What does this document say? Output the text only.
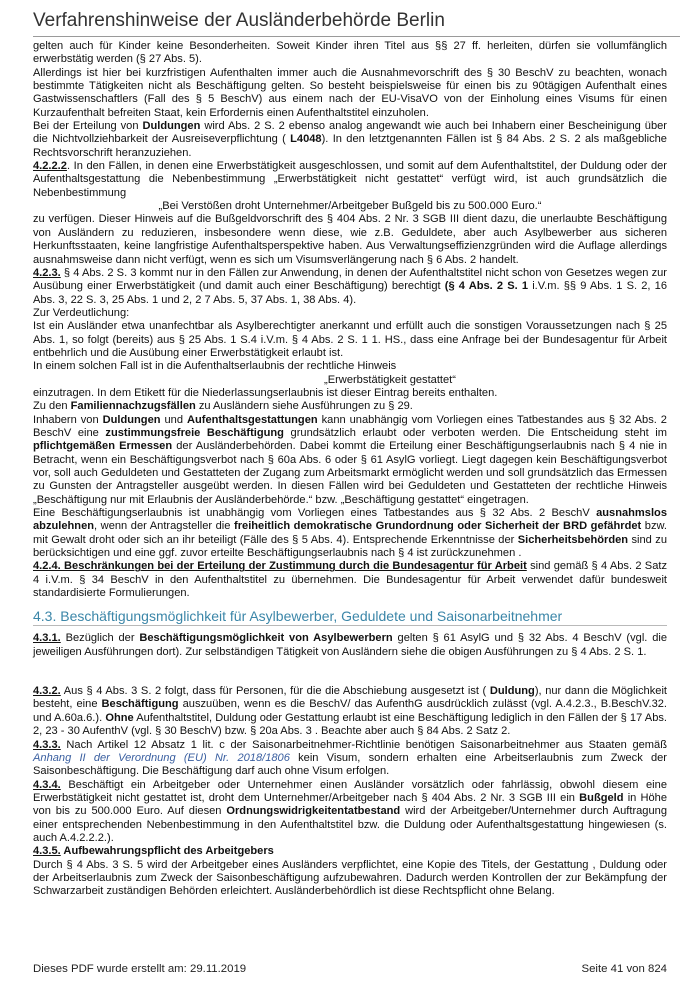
Verfahrenshinweise der Ausländerbehörde Berlin

gelten auch für Kinder keine Besonderheiten. Soweit Kinder ihren Titel aus §§ 27 ff. herleiten, dürfen sie vollumfänglich erwerbstätig werden (§ 27 Abs. 5).

Allerdings ist hier bei kurzfristigen Aufenthalten immer auch die Ausnahmevorschrift des § 30 BeschV zu beachten, wonach bestimmte Tätigkeiten nicht als Beschäftigung gelten. So besteht beispielsweise für einen bis zu 90tägigen Aufenthalt eines Gastwissenschaftlers (Fall des § 5 BeschV) aus einem nach der EU-VisaVO von der Einholung eines Visums für einen Kurzaufenthalt befreiten Staat, kein Erfordernis einen Aufenthaltstitel einzuholen.

Bei der Erteilung von Duldungen wird Abs. 2 S. 2 ebenso analog angewandt wie auch bei Inhabern einer Bescheinigung über die Nichtvollziehbarkeit der Ausreiseverpflichtung ( L4048). In den letztgenannten Fällen ist § 84 Abs. 2 S. 2 als maßgebliche Rechtsvorschrift heranzuziehen.

4.2.2.2. In den Fällen, in denen eine Erwerbstätigkeit ausgeschlossen, und somit auf dem Aufenthaltstitel, der Duldung oder der Aufenthaltsgestattung die Nebenbestimmung „Erwerbstätigkeit nicht gestattet“ verfügt wird, ist auch grundsätzlich die Nebenbestimmung

„Bei Verstößen droht Unternehmer/Arbeitgeber Bußgeld bis zu 500.000 Euro.“

zu verfügen. Dieser Hinweis auf die Bußgeldvorschrift des § 404 Abs. 2 Nr. 3 SGB III dient dazu, die unerlaubte Beschäftigung von Ausländern zu reduzieren, insbesondere wenn diese, wie z.B. Geduldete, aber auch Asylbewerber aus sicheren Herkunftsstaaten, keine langfristige Aufenthaltsperspektive haben. Aus Verwaltungseffizienzgründen wird die Auflage allerdings ausnahmsweise dann nicht verfügt, wenn es sich um Visumsverlängerung nach § 6 Abs. 2 handelt.

4.2.3. § 4 Abs. 2 S. 3 kommt nur in den Fällen zur Anwendung, in denen der Aufenthaltstitel nicht schon von Gesetzes wegen zur Ausübung einer Erwerbstätigkeit (und damit auch einer Beschäftigung) berechtigt (§ 4 Abs. 2 S. 1 i.V.m. §§ 9 Abs. 1 S. 2, 16 Abs. 3, 22 S. 3, 25 Abs. 1 und 2, 2 7 Abs. 5, 37 Abs. 1, 38 Abs. 4).

Zur Verdeutlichung:

Ist ein Ausländer etwa unanfechtbar als Asylberechtigter anerkannt und erfüllt auch die sonstigen Voraussetzungen nach § 25 Abs. 1, so folgt (bereits) aus § 25 Abs. 1 S.4 i.V.m. § 4 Abs. 2 S. 1 1. HS., dass eine Anfrage bei der Bundesagentur für Arbeit entbehrlich und die Ausübung einer Erwerbstätigkeit erlaubt ist.

In einem solchen Fall ist in die Aufenthaltserlaubnis der rechtliche Hinweis

„Erwerbstätigkeit gestattet“

einzutragen. In dem Etikett für die Niederlassungserlaubnis ist dieser Eintrag bereits enthalten.

Zu den Familiennachzugsfällen zu Ausländern siehe Ausführungen zu § 29.

Inhabern von Duldungen und Aufenthaltsgestattungen kann unabhängig vom Vorliegen eines Tatbestandes aus § 32 Abs. 2 BeschV eine zustimmungsfreie Beschäftigung grundsätzlich erlaubt oder verboten werden. Die Entscheidung steht im pflichtgemäßen Ermessen der Ausländerbehörden. Dabei kommt die Erteilung einer Beschäftigungserlaubnis nach § 4 nie in Betracht, wenn ein Beschäftigungsverbot nach § 60a Abs. 6 oder § 61 AsylG vorliegt. Liegt dagegen kein Beschäftigungsverbot vor, soll auch Geduldeten und Gestatteten der Zugang zum Arbeitsmarkt ermöglicht werden und soll grundsätzlich das Ermessen zu Gunsten der Antragsteller ausgeübt werden. In diesen Fällen wird bei Geduldeten und Gestatteten der rechtliche Hinweis „Beschäftigung nur mit Erlaubnis der Ausländerbehörde.“ bzw. „Beschäftigung gestattet“ eingetragen.

Eine Beschäftigungserlaubnis ist unabhängig vom Vorliegen eines Tatbestandes aus § 32 Abs. 2 BeschV ausnahmslos abzulehnen, wenn der Antragsteller die freiheitlich demokratische Grundordnung oder Sicherheit der BRD gefährdet bzw. mit Gewalt droht oder sich an ihr beteiligt (Fälle des § 5 Abs. 4). Entsprechende Erkenntnisse der Sicherheitsbehörden sind zu berücksichtigen und eine ggf. zuvor erteilte Beschäftigungserlaubnis nach § 4 ist zurückzunehmen .

4.2.4. Beschränkungen bei der Erteilung der Zustimmung durch die Bundesagentur für Arbeit sind gemäß § 4 Abs. 2 Satz 4 i.V.m. § 34 BeschV in den Aufenthaltstitel zu übernehmen. Die Bundesagentur für Arbeit verwendet dafür bundesweit standardisierte Formulierungen.

4.3. Beschäftigungsmöglichkeit für Asylbewerber, Geduldete und Saisonarbeitnehmer

4.3.1. Bezüglich der Beschäftigungsmöglichkeit von Asylbewerbern gelten § 61 AsylG und § 32 Abs. 4 BeschV (vgl. die jeweiligen Ausführungen dort). Zur selbständigen Tätigkeit von Ausländern siehe die obigen Ausführungen zu § 4 Abs. 2 S. 1.

4.3.2. Aus § 4 Abs. 3 S. 2 folgt, dass für Personen, für die die Abschiebung ausgesetzt ist ( Duldung), nur dann die Möglichkeit besteht, eine Beschäftigung auszuüben, wenn es die BeschV/ das AufenthG ausdrücklich zulässt (vgl. A.4.2.3., B.BeschV.32. und A.60a.6.). Ohne Aufenthaltstitel, Duldung oder Gestattung erlaubt ist eine Beschäftigung lediglich in den Fällen der § 17 Abs. 2, 23 - 30 AufenthV (vgl. § 30 BeschV) bzw. § 20a Abs. 3 . Beachte aber auch § 84 Abs. 2 Satz 2.

4.3.3. Nach Artikel 12 Absatz 1 lit. c der Saisonarbeitnehmer-Richtlinie benötigen Saisonarbeitnehmer aus Staaten gemäß Anhang II der Verordnung (EU) Nr. 2018/1806 kein Visum, sondern erhalten eine Arbeitserlaubnis zum Zweck der Saisonbeschäftigung. Die Beschäftigung darf auch ohne Visum erfolgen.

4.3.4. Beschäftigt ein Arbeitgeber oder Unternehmer einen Ausländer vorsätzlich oder fahrlässig, obwohl diesem eine Erwerbstätigkeit nicht gestattet ist, droht dem Unternehmer/Arbeitgeber nach § 404 Abs. 2 Nr. 3 SGB III ein Bußgeld in Höhe von bis zu 500.000 Euro. Auf diesen Ordnungswidrigkeitentatbestand wird der Arbeitgeber/Unternehmer durch Auftragung einer entsprechenden Nebenbestimmung in den Aufenthaltstitel bzw. die Duldung oder Aufenthaltsgestattung hingewiesen (s. auch A.4.2.2.2.).

4.3.5. Aufbewahrungspflicht des Arbeitgebers

Durch § 4 Abs. 3 S. 5 wird der Arbeitgeber eines Ausländers verpflichtet, eine Kopie des Titels, der Gestattung , Duldung oder der Arbeitserlaubnis zum Zweck der Saisonbeschäftigung aufzubewahren. Dadurch werden Kontrollen der zur Bekämpfung der Schwarzarbeit zuständigen Behörden erleichtert. Ausländerbehördlich ist diese Rechtspflicht ohne Belang.

Dieses PDF wurde erstellt am: 29.11.2019	Seite 41 von 824
